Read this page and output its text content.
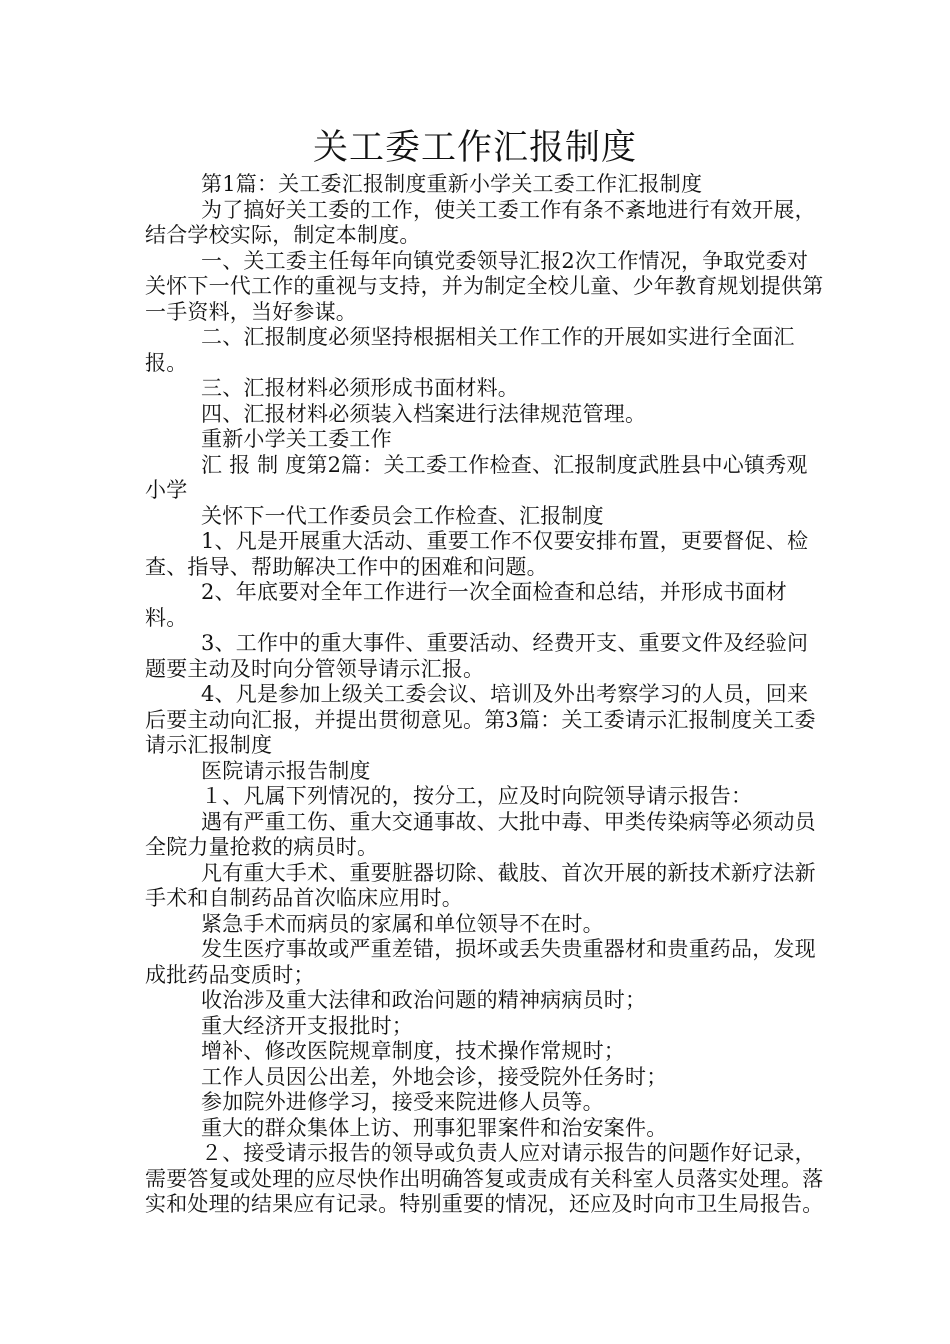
关工委工作汇报制度

第1篇：关工委汇报制度重新小学关工委工作汇报制度

为了搞好关工委的工作，使关工委工作有条不紊地进行有效开展，结合学校实际，制定本制度。

一、关工委主任每年向镇党委领导汇报2次工作情况，争取党委对关怀下一代工作的重视与支持，并为制定全校儿童、少年教育规划提供第一手资料，当好参谋。

二、汇报制度必须坚持根据相关工作工作的开展如实进行全面汇报。

三、汇报材料必须形成书面材料。

四、汇报材料必须装入档案进行法律规范管理。

重新小学关工委工作

汇 报 制 度第2篇：关工委工作检查、汇报制度武胜县中心镇秀观小学

关怀下一代工作委员会工作检查、汇报制度

1、凡是开展重大活动、重要工作不仅要安排布置，更要督促、检查、指导、帮助解决工作中的困难和问题。

2、年底要对全年工作进行一次全面检查和总结，并形成书面材料。

3、工作中的重大事件、重要活动、经费开支、重要文件及经验问题要主动及时向分管领导请示汇报。

4、凡是参加上级关工委会议、培训及外出考察学习的人员，回来后要主动向汇报，并提出贯彻意见。第3篇：关工委请示汇报制度关工委请示汇报制度

医院请示报告制度

１、凡属下列情况的，按分工，应及时向院领导请示报告：

遇有严重工伤、重大交通事故、大批中毒、甲类传染病等必须动员全院力量抢救的病员时。

凡有重大手术、重要脏器切除、截肢、首次开展的新技术新疗法新手术和自制药品首次临床应用时。

紧急手术而病员的家属和单位领导不在时。

发生医疗事故或严重差错，损坏或丢失贵重器材和贵重药品，发现成批药品变质时；

收治涉及重大法律和政治问题的精神病病员时；

重大经济开支报批时；

增补、修改医院规章制度，技术操作常规时；

工作人员因公出差，外地会诊，接受院外任务时；

参加院外进修学习，接受来院进修人员等。

重大的群众集体上访、刑事犯罪案件和治安案件。

２、接受请示报告的领导或负责人应对请示报告的问题作好记录，需要答复或处理的应尽快作出明确答复或责成有关科室人员落实处理。落实和处理的结果应有记录。特别重要的情况，还应及时向市卫生局报告。
